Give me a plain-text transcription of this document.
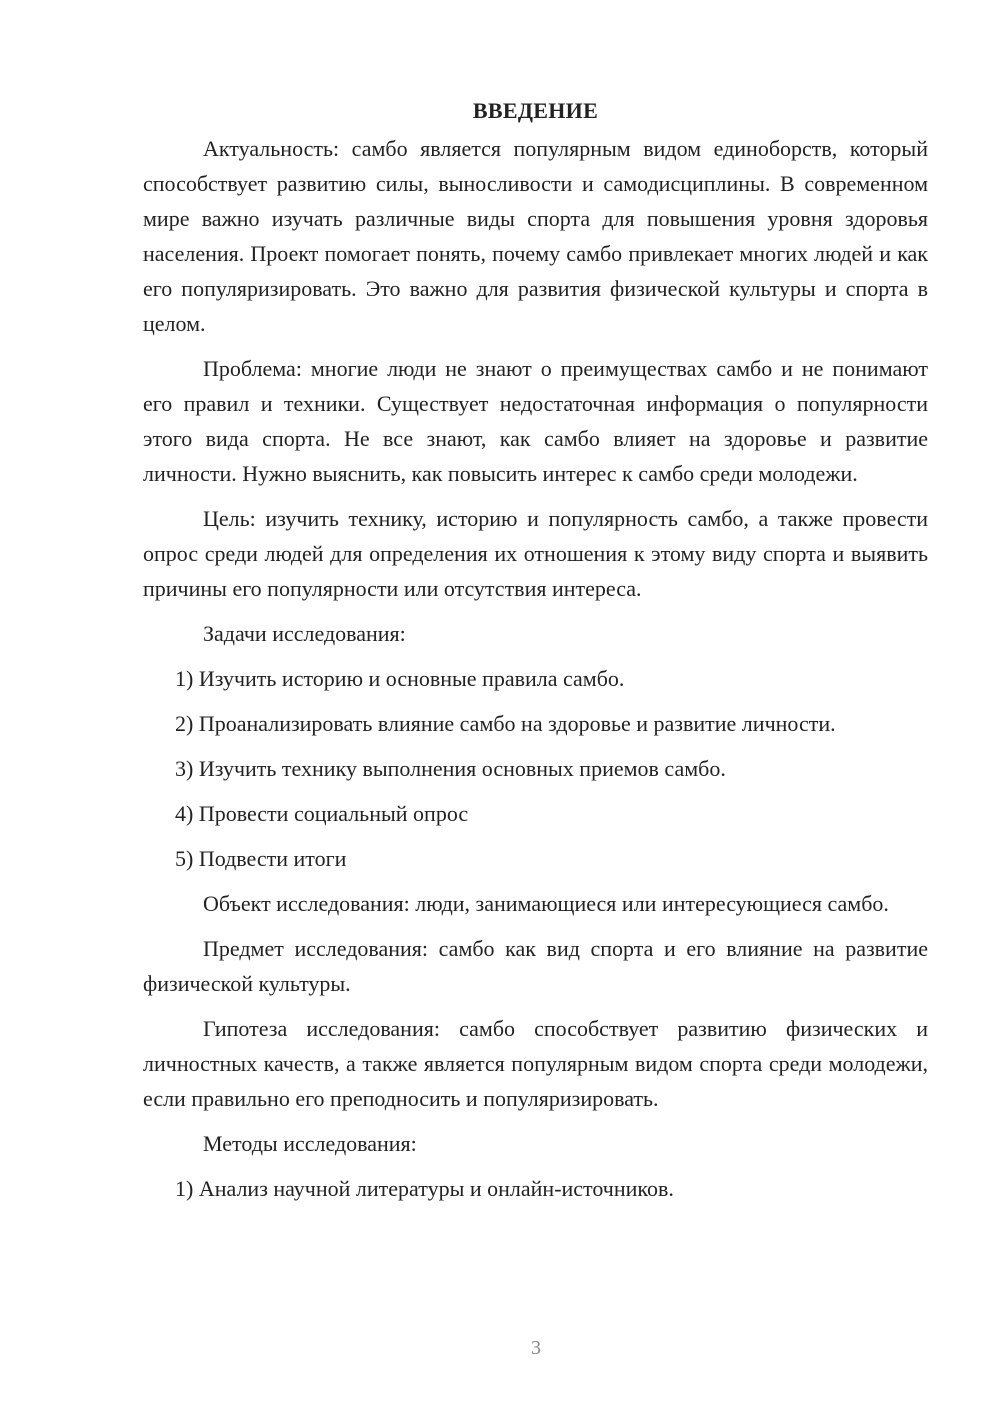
ВВЕДЕНИЕ

Актуальность: самбо является популярным видом единоборств, который способствует развитию силы, выносливости и самодисциплины. В современном мире важно изучать различные виды спорта для повышения уровня здоровья населения. Проект помогает понять, почему самбо привлекает многих людей и как его популяризировать. Это важно для развития физической культуры и спорта в целом.

Проблема: многие люди не знают о преимуществах самбо и не понимают его правил и техники. Существует недостаточная информация о популярности этого вида спорта. Не все знают, как самбо влияет на здоровье и развитие личности. Нужно выяснить, как повысить интерес к самбо среди молодежи.

Цель: изучить технику, историю и популярность самбо, а также провести опрос среди людей для определения их отношения к этому виду спорта и выявить причины его популярности или отсутствия интереса.

Задачи исследования:
1) Изучить историю и основные правила самбо.
2) Проанализировать влияние самбо на здоровье и развитие личности.
3) Изучить технику выполнения основных приемов самбо.
4) Провести социальный опрос
5) Подвести итоги

Объект исследования: люди, занимающиеся или интересующиеся самбо.

Предмет исследования: самбо как вид спорта и его влияние на развитие физической культуры.

Гипотеза исследования: самбо способствует развитию физических и личностных качеств, а также является популярным видом спорта среди молодежи, если правильно его преподносить и популяризировать.

Методы исследования:
1) Анализ научной литературы и онлайн-источников.
3
